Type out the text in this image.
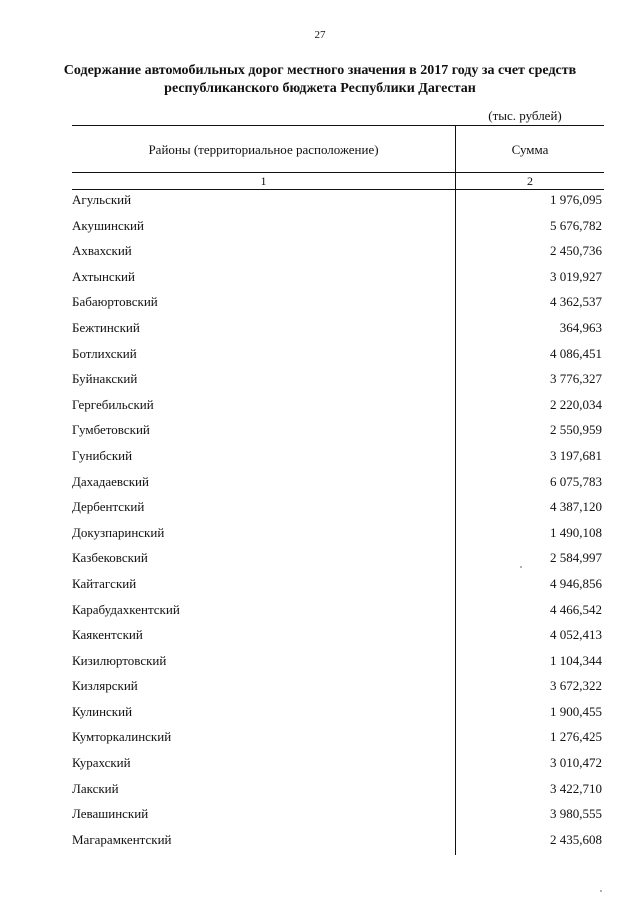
27
Содержание автомобильных дорог местного значения в 2017 году за счет средств
республиканского бюджета Республики Дагестан
(тыс. рублей)
Районы (территориальное расположение)	Сумма
1	2
Агульский	1 976,095
Акушинский	5 676,782
Ахвахский	2 450,736
Ахтынский	3 019,927
Бабаюртовский	4 362,537
Бежтинский	364,963
Ботлихский	4 086,451
Буйнакский	3 776,327
Гергебильский	2 220,034
Гумбетовский	2 550,959
Гунибский	3 197,681
Дахадаевский	6 075,783
Дербентский	4 387,120
Докузпаринский	1 490,108
Казбековский	2 584,997
Кайтагский	4 946,856
Карабудахкентский	4 466,542
Каякентский	4 052,413
Кизилюртовский	1 104,344
Кизлярский	3 672,322
Кулинский	1 900,455
Кумторкалинский	1 276,425
Курахский	3 010,472
Лакский	3 422,710
Левашинский	3 980,555
Магарамкентский	2 435,608
